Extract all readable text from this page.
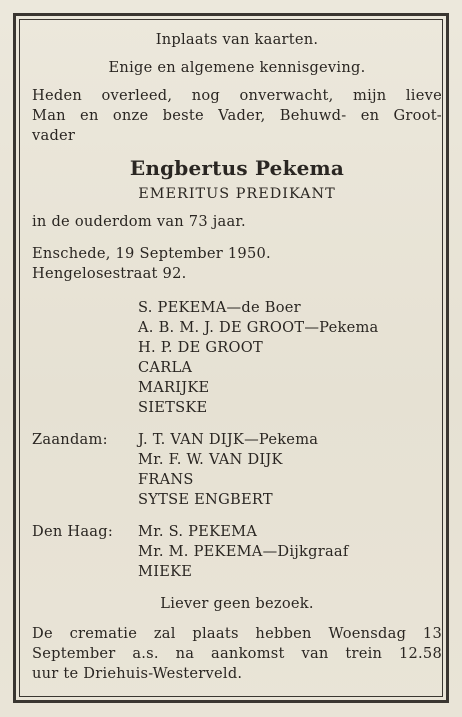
Inplaats van kaarten.
Enige en algemene kennisgeving.
Heden overleed, nog onverwacht, mijn lieve
Man en onze beste Vader, Behuwd- en Groot-
vader
Engbertus Pekema
EMERITUS PREDIKANT
in de ouderdom van 73 jaar.
Enschede, 19 September 1950.
Hengelosestraat 92.
S. PEKEMA—de Boer
A. B. M. J. DE GROOT—Pekema
H. P. DE GROOT
CARLA
MARIJKE
SIETSKE
Zaandam:	J. T. VAN DIJK—Pekema
Mr. F. W. VAN DIJK
FRANS
SYTSE ENGBERT
Den Haag:	Mr. S. PEKEMA
Mr. M. PEKEMA—Dijkgraaf
MIEKE
Liever geen bezoek.
De crematie zal plaats hebben Woensdag 13
September a.s. na aankomst van trein 12.58
uur te Driehuis-Westerveld.
